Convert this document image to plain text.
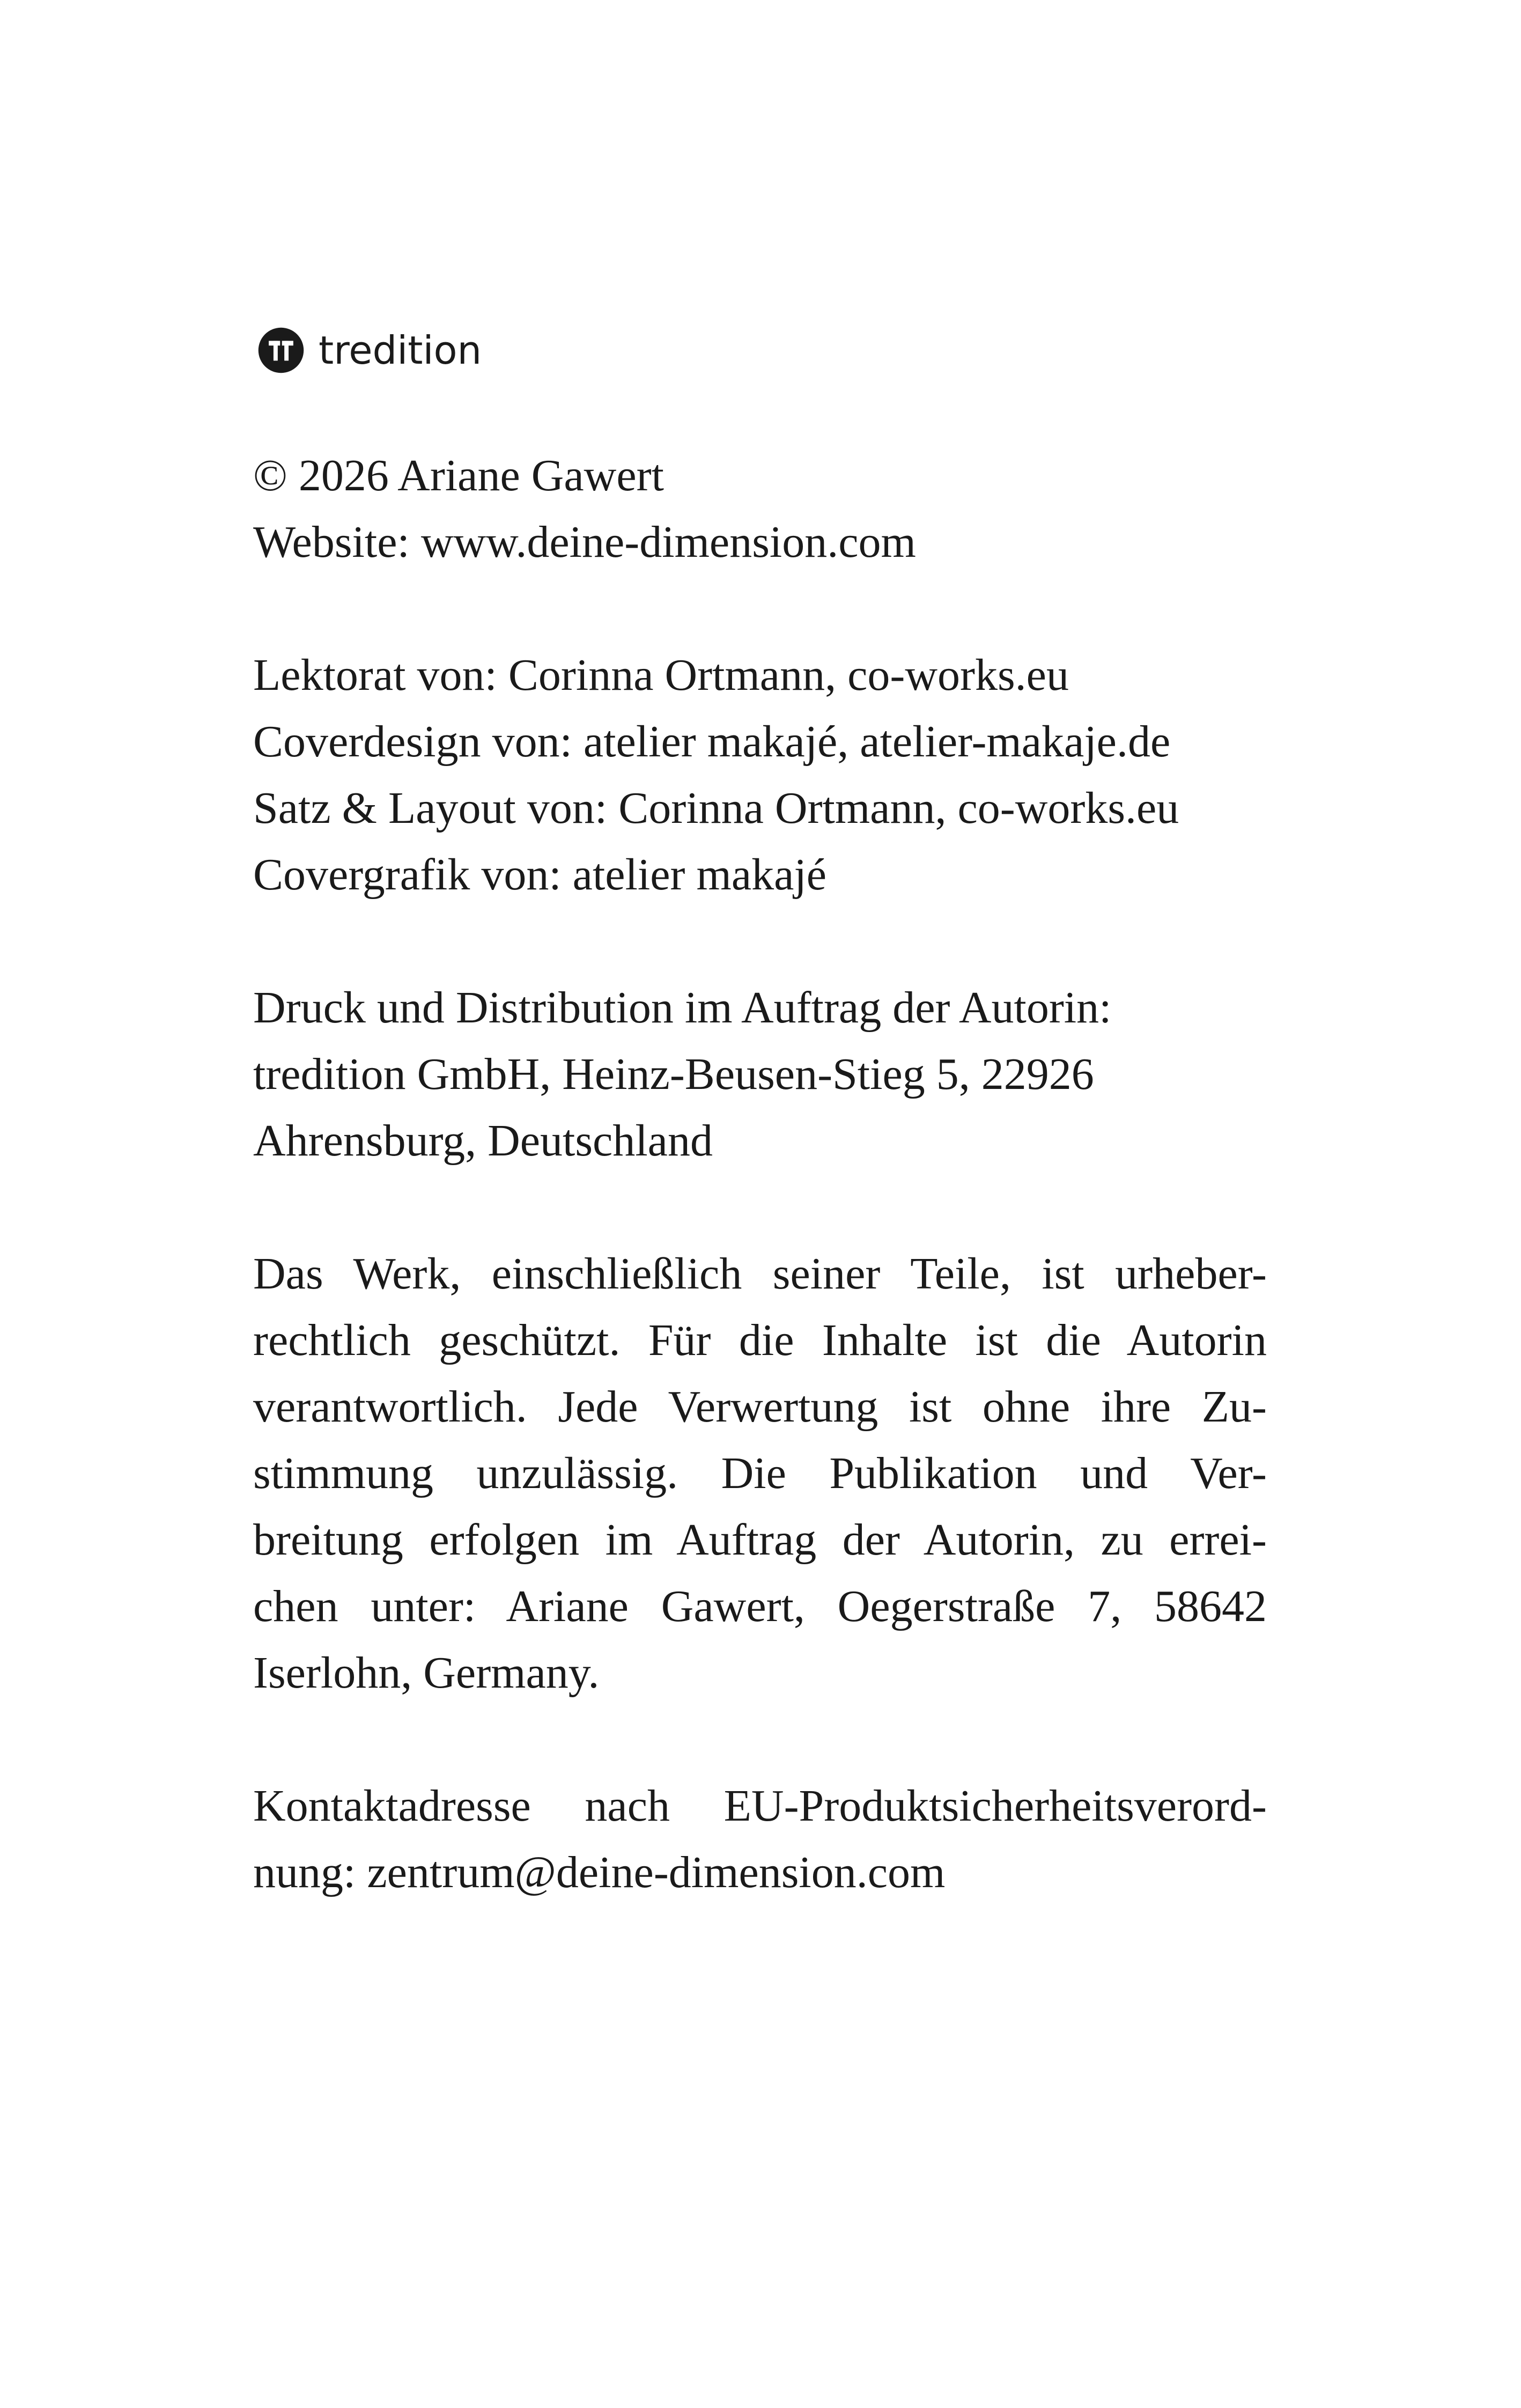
tredition
© 2026 Ariane Gawert
Website: www.deine-dimension.com
Lektorat von: Corinna Ortmann, co-works.eu
Coverdesign von: atelier makajé, atelier-makaje.de
Satz & Layout von: Corinna Ortmann, co-works.eu
Covergrafik von: atelier makajé
Druck und Distribution im Auftrag der Autorin:
tredition GmbH, Heinz-Beusen-Stieg 5, 22926
Ahrensburg, Deutschland
Das Werk, einschließlich seiner Teile, ist urheber-
rechtlich geschützt. Für die Inhalte ist die Autorin
verantwortlich. Jede Verwertung ist ohne ihre Zu-
stimmung unzulässig. Die Publikation und Ver-
breitung erfolgen im Auftrag der Autorin, zu errei-
chen unter: Ariane Gawert, Oegerstraße 7, 58642
Iserlohn, Germany.
Kontaktadresse nach EU-Produktsicherheitsverord-
nung: zentrum@deine-dimension.com
